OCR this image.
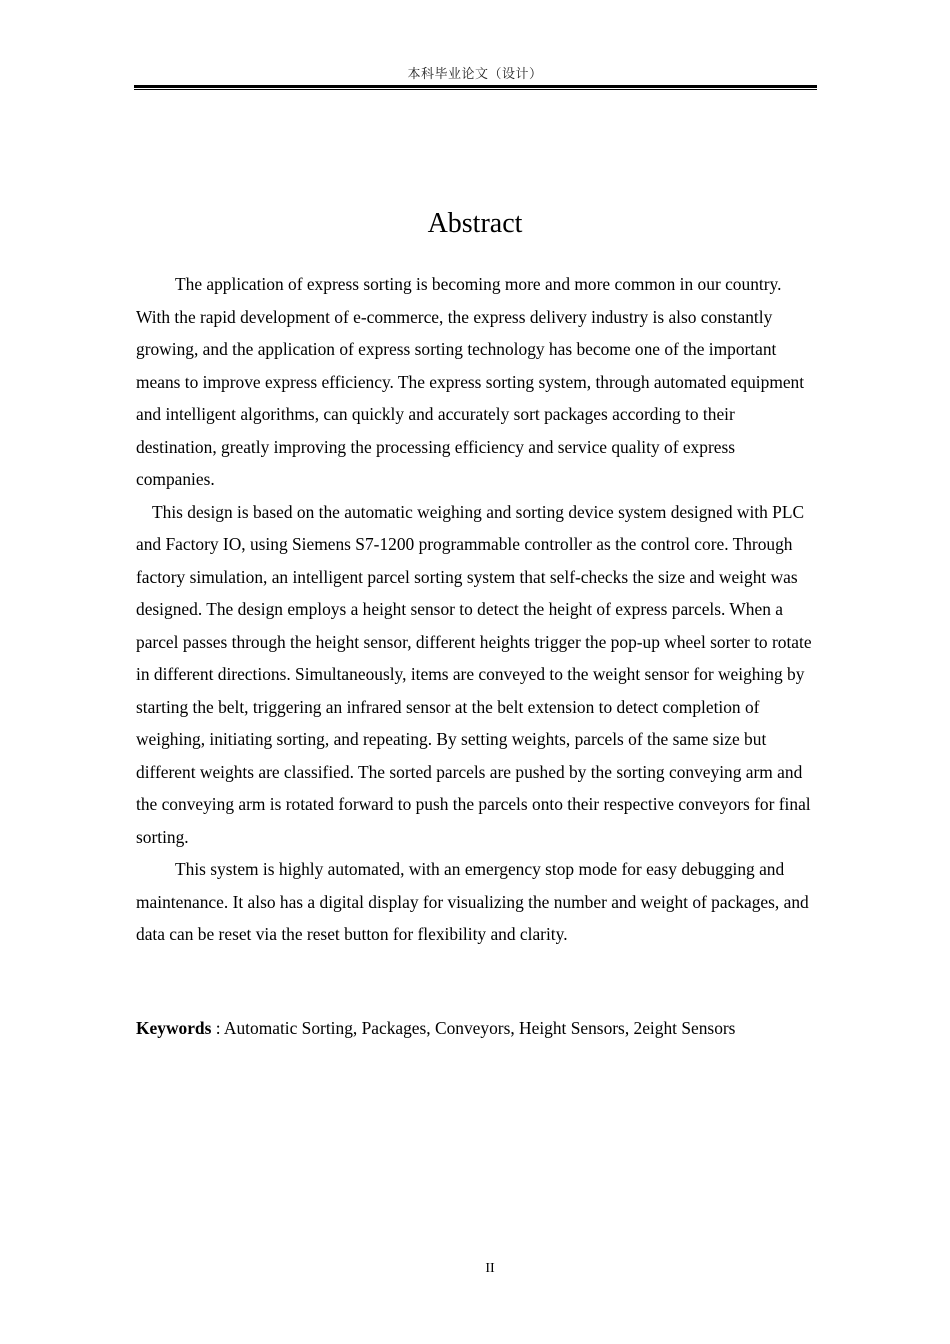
本科毕业论文（设计）
Abstract

The application of express sorting is becoming more and more common in our country. With the rapid development of e-commerce, the express delivery industry is also constantly growing, and the application of express sorting technology has become one of the important means to improve express efficiency. The express sorting system, through automated equipment and intelligent algorithms, can quickly and accurately sort packages according to their destination, greatly improving the processing efficiency and service quality of express companies.

This design is based on the automatic weighing and sorting device system designed with PLC and Factory IO, using Siemens S7-1200 programmable controller as the control core. Through factory simulation, an intelligent parcel sorting system that self-checks the size and weight was designed. The design employs a height sensor to detect the height of express parcels. When a parcel passes through the height sensor, different heights trigger the pop-up wheel sorter to rotate in different directions. Simultaneously, items are conveyed to the weight sensor for weighing by starting the belt, triggering an infrared sensor at the belt extension to detect completion of weighing, initiating sorting, and repeating. By setting weights, parcels of the same size but different weights are classified. The sorted parcels are pushed by the sorting conveying arm and the conveying arm is rotated forward to push the parcels onto their respective conveyors for final sorting.

This system is highly automated, with an emergency stop mode for easy debugging and maintenance. It also has a digital display for visualizing the number and weight of packages, and data can be reset via the reset button for flexibility and clarity.

Keywords : Automatic Sorting, Packages, Conveyors, Height Sensors, 2eight Sensors
II
